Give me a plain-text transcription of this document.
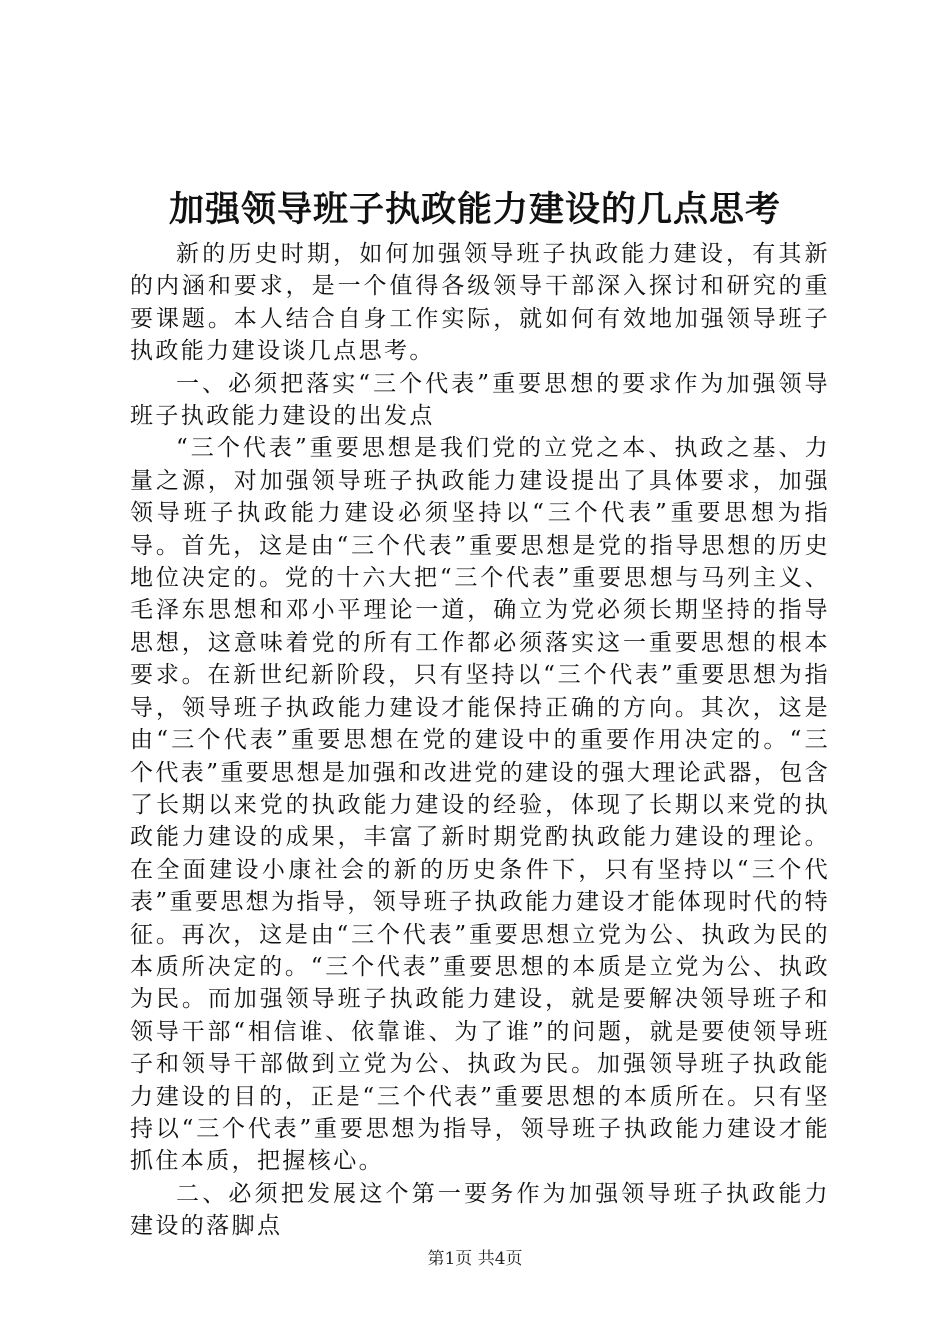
加强领导班子执政能力建设的几点思考

新的历史时期，如何加强领导班子执政能力建设，有其新的内涵和要求，是一个值得各级领导干部深入探讨和研究的重要课题。本人结合自身工作实际，就如何有效地加强领导班子执政能力建设谈几点思考。

一、必须把落实“三个代表”重要思想的要求作为加强领导班子执政能力建设的出发点

“三个代表”重要思想是我们党的立党之本、执政之基、力量之源，对加强领导班子执政能力建设提出了具体要求，加强领导班子执政能力建设必须坚持以“三个代表”重要思想为指导。首先，这是由“三个代表”重要思想是党的指导思想的历史地位决定的。党的十六大把“三个代表”重要思想与马列主义、毛泽东思想和邓小平理论一道，确立为党必须长期坚持的指导思想，这意味着党的所有工作都必须落实这一重要思想的根本要求。在新世纪新阶段，只有坚持以“三个代表”重要思想为指导，领导班子执政能力建设才能保持正确的方向。其次，这是由“三个代表”重要思想在党的建设中的重要作用决定的。“三个代表”重要思想是加强和改进党的建设的强大理论武器，包含了长期以来党的执政能力建设的经验，体现了长期以来党的执政能力建设的成果，丰富了新时期党酌执政能力建设的理论。在全面建设小康社会的新的历史条件下，只有坚持以“三个代表”重要思想为指导，领导班子执政能力建设才能体现时代的特征。再次，这是由“三个代表”重要思想立党为公、执政为民的本质所决定的。“三个代表”重要思想的本质是立党为公、执政为民。而加强领导班子执政能力建设，就是要解决领导班子和领导干部“相信谁、依靠谁、为了谁”的问题，就是要使领导班子和领导干部做到立党为公、执政为民。加强领导班子执政能力建设的目的，正是“三个代表”重要思想的本质所在。只有坚持以“三个代表”重要思想为指导，领导班子执政能力建设才能抓住本质，把握核心。

二、必须把发展这个第一要务作为加强领导班子执政能力建设的落脚点

第1页 共4页
